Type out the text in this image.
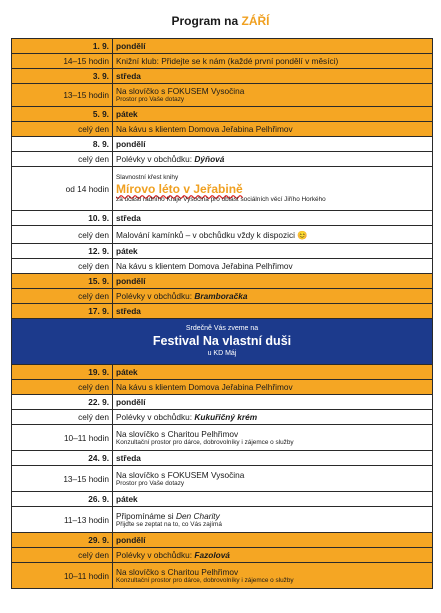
Program na ZÁŘÍ
1. 9.	pondělí
14–15 hodin	Knižní klub: Přidejte se k nám (každé první pondělí v měsíci)
3. 9.	středa
13–15 hodin	Na slovíčko s FOKUSEM Vysočina
Prostor pro Vaše dotazy

5. 9.	pátek
celý den	Na kávu s klientem Domova Jeřabina Pelhřimov
8. 9.	pondělí
celý den	Polévky v obchůdku: Dýňová
od 14 hodin	Slavnostní křest knihy
Mírovo léto v Jeřabině
za účasti radního Kraje Vysočina pro oblast sociálních věcí Jiřího Horkého

10. 9.	středa
celý den	Malování kamínků – v obchůdku vždy k dispozici 😊
12. 9.	pátek
celý den	Na kávu s klientem Domova Jeřabina Pelhřimov
15. 9.	pondělí
celý den	Polévky v obchůdku: Bramboračka
17. 9.	středa

Srdečně Vás zveme na
Festival Na vlastní duši
u KD Máj	

19. 9.	pátek
celý den	Na kávu s klientem Domova Jeřabina Pelhřimov
22. 9.	pondělí
celý den	Polévky v obchůdku: Kukuřičný krém
10–11 hodin	Na slovíčko s Charitou Pelhřimov
Konzultační prostor pro dárce, dobrovolníky i zájemce o služby

24. 9.	středa
13–15 hodin	Na slovíčko s FOKUSEM Vysočina
Prostor pro Vaše dotazy

26. 9.	pátek
11–13 hodin	Připomínáme si Den Charity
Přijďte se zeptat na to, co Vás zajímá

29. 9.	pondělí
celý den	Polévky v obchůdku: Fazolová
10–11 hodin	Na slovíčko s Charitou Pelhřimov
Konzultační prostor pro dárce, dobrovolníky i zájemce o služby
